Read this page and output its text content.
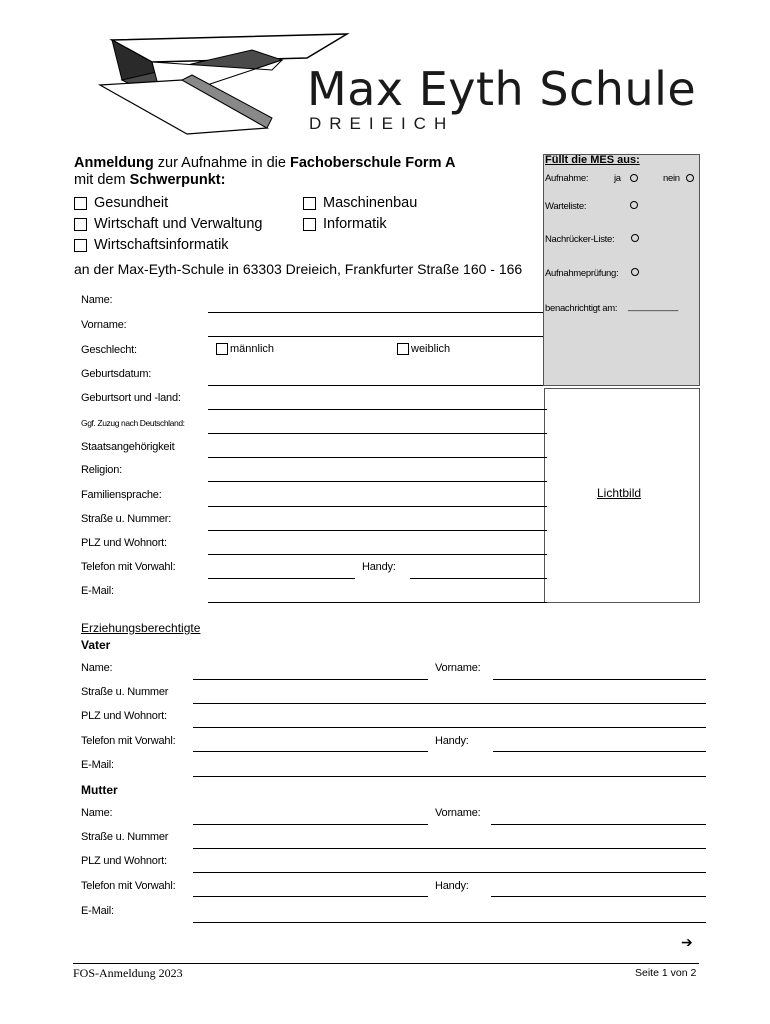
Max Eyth Schule
DREIEICH
Anmeldung zur Aufnahme in die Fachoberschule Form A
mit dem Schwerpunkt:
Gesundheit
Wirtschaft und Verwaltung
Wirtschaftsinformatik
Maschinenbau
Informatik
an der Max-Eyth-Schule in 63303 Dreieich, Frankfurter Straße 160 - 166
Füllt die MES aus:
Aufnahme:	ja	nein
Warteliste:
Nachrücker-Liste:
Aufnahmeprüfung:
benachrichtigt am: __________
Lichtbild
Name:
Vorname:
Geschlecht:	männlich	weiblich
Geburtsdatum:
Geburtsort und -land:
Ggf. Zuzug nach Deutschland:
Staatsangehörigkeit
Religion:
Familiensprache:
Straße u. Nummer:
PLZ und Wohnort:
Telefon mit Vorwahl:	Handy:
E-Mail:
Erziehungsberechtigte
Vater
Name:	Vorname:
Straße u. Nummer
PLZ und Wohnort:
Telefon mit Vorwahl:	Handy:
E-Mail:
Mutter
Name:	Vorname:
Straße u. Nummer
PLZ und Wohnort:
Telefon mit Vorwahl:	Handy:
E-Mail:
➔
FOS-Anmeldung 2023	Seite 1 von 2
